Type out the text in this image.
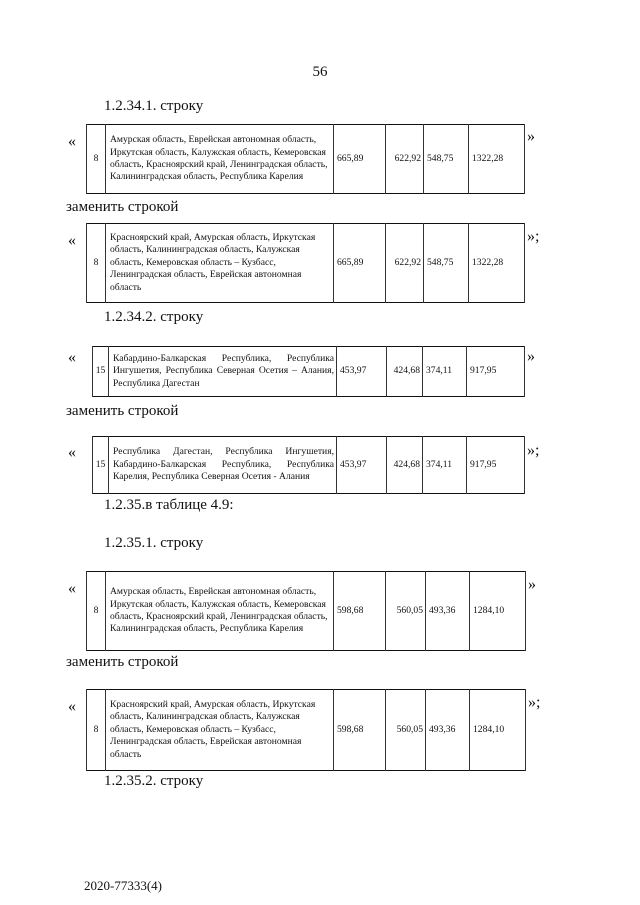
56
1.2.34.1. строку
«
8	Амурская область, Еврейская автономная область, Иркутская область, Калужская область, Кемеровская область, Красноярский край, Ленинградская область, Калининградская область, Республика Карелия	665,89	622,92	548,75	1322,28
»
заменить строкой
«
8	Красноярский край, Амурская область, Иркутская область, Калининградская область, Калужская область, Кемеровская область – Кузбасс, Ленинградская область, Еврейская автономная область	665,89	622,92	548,75	1322,28
»;
1.2.34.2. строку
«
15	Кабардино-Балкарская Республика, Республика Ингушетия, Республика Северная Осетия – Алания, Республика Дагестан	453,97	424,68	374,11	917,95
»
заменить строкой
«
15	Республика Дагестан, Республика Ингушетия, Кабардино-Балкарская Республика, Республика Карелия, Республика Северная Осетия - Алания	453,97	424,68	374,11	917,95
»;
1.2.35.в таблице 4.9:
1.2.35.1. строку
«
8	Амурская область, Еврейская автономная область, Иркутская область, Калужская область, Кемеровская область, Красноярский край, Ленинградская область, Калининградская область, Республика Карелия	598,68	560,05	493,36	1284,10
»
заменить строкой
«
8	Красноярский край, Амурская область, Иркутская область, Калининградская область, Калужская область, Кемеровская область – Кузбасс, Ленинградская область, Еврейская автономная область	598,68	560,05	493,36	1284,10
»;
1.2.35.2. строку
2020-77333(4)
